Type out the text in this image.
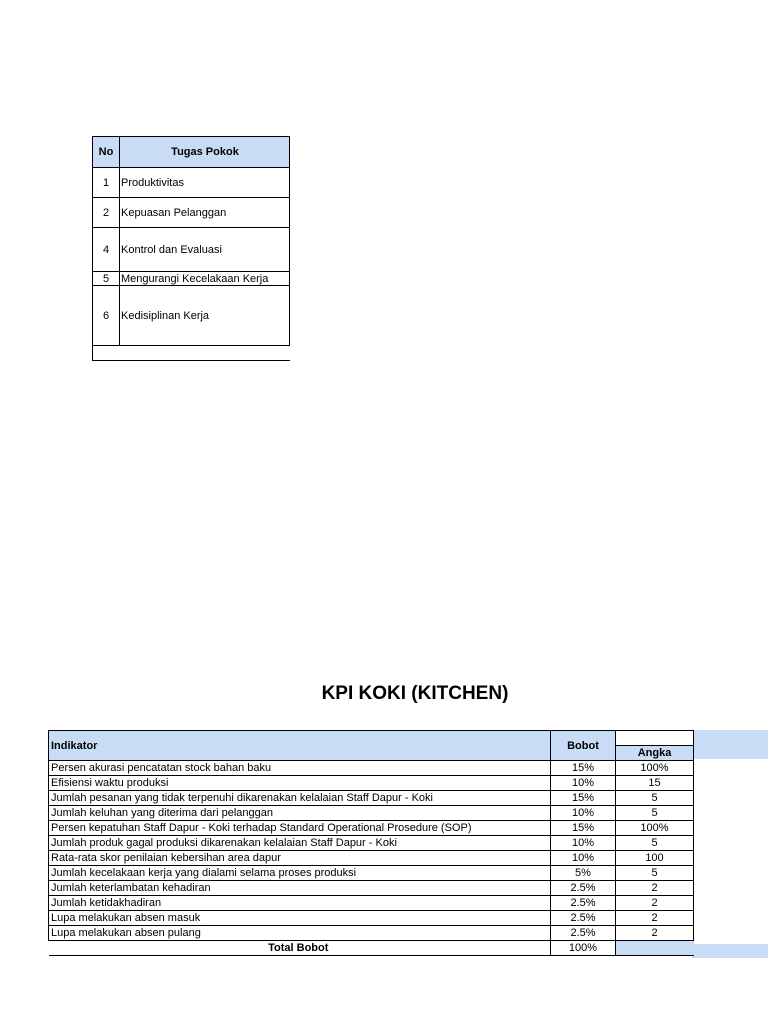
No	Tugas Pokok
1	Produktivitas
2	Kepuasan Pelanggan
4	Kontrol dan Evaluasi
5	Mengurangi Kecelakaan Kerja
6	Kedisiplinan Kerja

KPI KOKI (KITCHEN)
Indikator	Bobot	
		Angka
Persen akurasi pencatatan stock bahan baku	15%	100%
Efisiensi waktu produksi	10%	15
Jumlah pesanan yang tidak terpenuhi dikarenakan kelalaian Staff Dapur - Koki	15%	5
Jumlah keluhan yang diterima dari pelanggan	10%	5
Persen kepatuhan Staff Dapur - Koki terhadap Standard Operational Prosedure (SOP)	15%	100%
Jumlah produk gagal produksi dikarenakan kelalaian Staff Dapur - Koki	10%	5
Rata-rata skor penilaian kebersihan area dapur	10%	100
Jumlah kecelakaan kerja yang dialami selama proses produksi	5%	5
Jumlah keterlambatan kehadiran	2.5%	2
Jumlah ketidakhadiran	2.5%	2
Lupa melakukan absen masuk	2.5%	2
Lupa melakukan absen pulang	2.5%	2
Total Bobot	100%	
